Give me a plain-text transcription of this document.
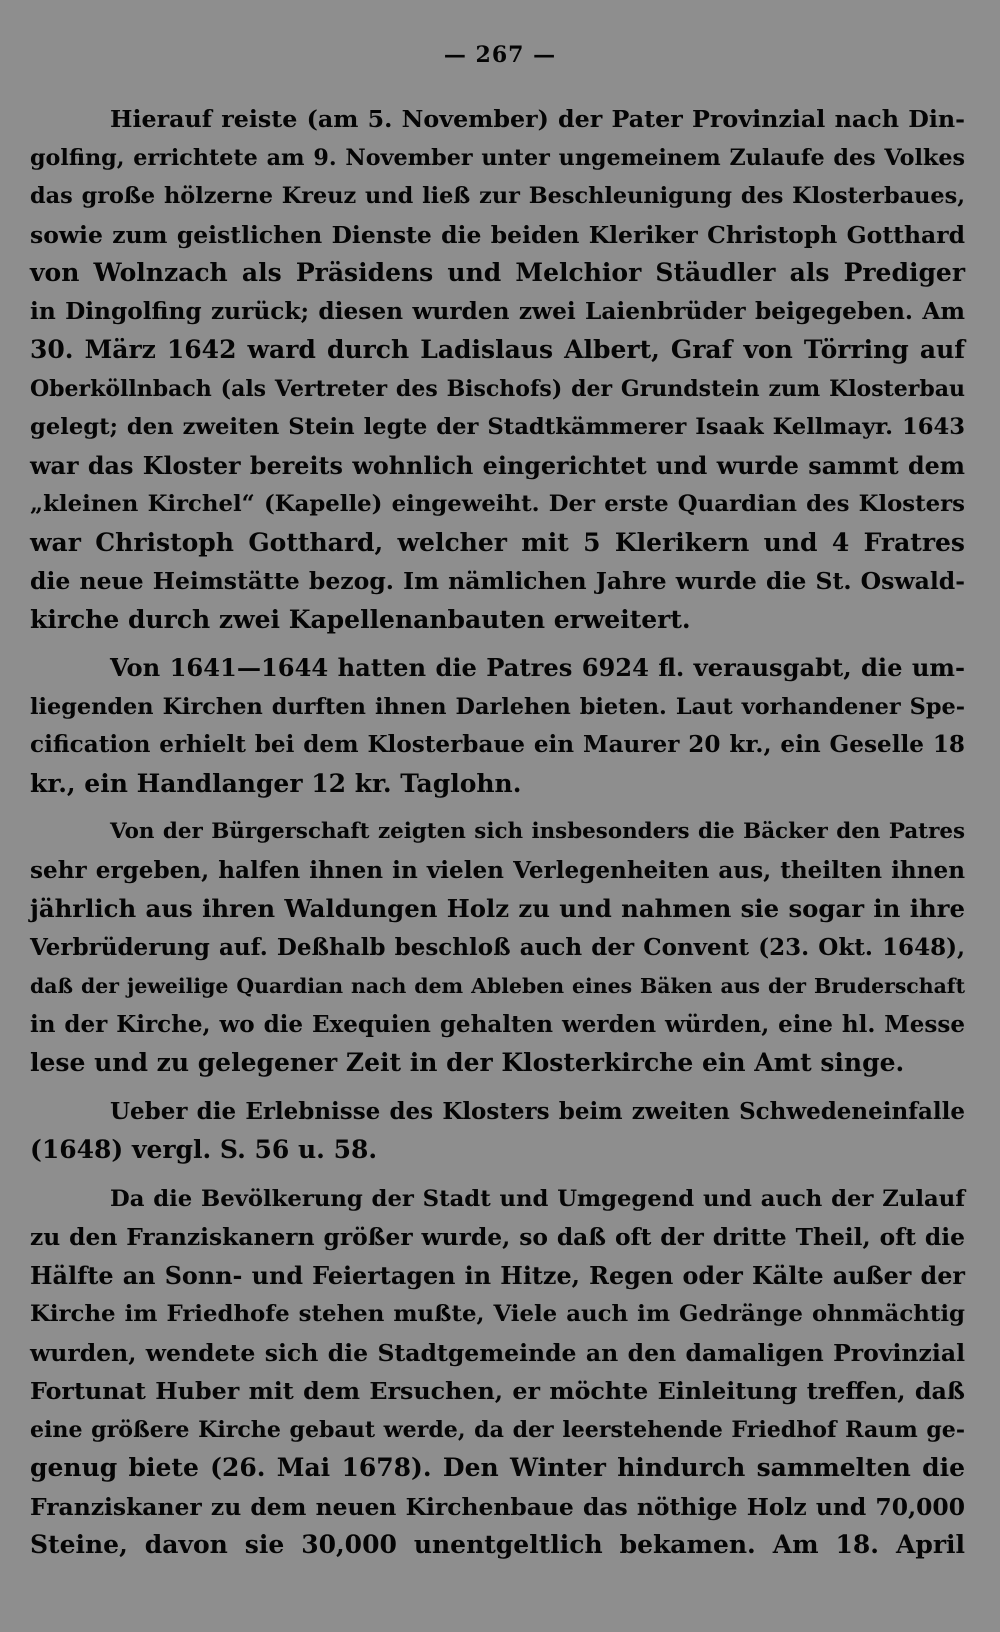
— 267 —
Hierauf reiste (am 5. November) der Pater Provinzial nach Din-
golfing, errichtete am 9. November unter ungemeinem Zulaufe des Volkes
das große hölzerne Kreuz und ließ zur Beschleunigung des Klosterbaues,
sowie zum geistlichen Dienste die beiden Kleriker Christoph Gotthard
von Wolnzach als Präsidens und Melchior Stäudler als Prediger
in Dingolfing zurück; diesen wurden zwei Laienbrüder beigegeben. Am
30. März 1642 ward durch Ladislaus Albert, Graf von Törring auf
Oberköllnbach (als Vertreter des Bischofs) der Grundstein zum Klosterbau
gelegt; den zweiten Stein legte der Stadtkämmerer Isaak Kellmayr. 1643
war das Kloster bereits wohnlich eingerichtet und wurde sammt dem
„kleinen Kirchel“ (Kapelle) eingeweiht. Der erste Quardian des Klosters
war Christoph Gotthard, welcher mit 5 Klerikern und 4 Fratres
die neue Heimstätte bezog. Im nämlichen Jahre wurde die St. Oswald-
kirche durch zwei Kapellenanbauten erweitert.
Von 1641—1644 hatten die Patres 6924 fl. verausgabt, die um-
liegenden Kirchen durften ihnen Darlehen bieten. Laut vorhandener Spe-
cification erhielt bei dem Klosterbaue ein Maurer 20 kr., ein Geselle 18
kr., ein Handlanger 12 kr. Taglohn.
Von der Bürgerschaft zeigten sich insbesonders die Bäcker den Patres
sehr ergeben, halfen ihnen in vielen Verlegenheiten aus, theilten ihnen
jährlich aus ihren Waldungen Holz zu und nahmen sie sogar in ihre
Verbrüderung auf. Deßhalb beschloß auch der Convent (23. Okt. 1648),
daß der jeweilige Quardian nach dem Ableben eines Bäken aus der Bruderschaft
in der Kirche, wo die Exequien gehalten werden würden, eine hl. Messe
lese und zu gelegener Zeit in der Klosterkirche ein Amt singe.
Ueber die Erlebnisse des Klosters beim zweiten Schwedeneinfalle
(1648) vergl. S. 56 u. 58.
Da die Bevölkerung der Stadt und Umgegend und auch der Zulauf
zu den Franziskanern größer wurde, so daß oft der dritte Theil, oft die
Hälfte an Sonn- und Feiertagen in Hitze, Regen oder Kälte außer der
Kirche im Friedhofe stehen mußte, Viele auch im Gedränge ohnmächtig
wurden, wendete sich die Stadtgemeinde an den damaligen Provinzial
Fortunat Huber mit dem Ersuchen, er möchte Einleitung treffen, daß
eine größere Kirche gebaut werde, da der leerstehende Friedhof Raum ge-
genug biete (26. Mai 1678). Den Winter hindurch sammelten die
Franziskaner zu dem neuen Kirchenbaue das nöthige Holz und 70,000
Steine, davon sie 30,000 unentgeltlich bekamen. Am 18. April
